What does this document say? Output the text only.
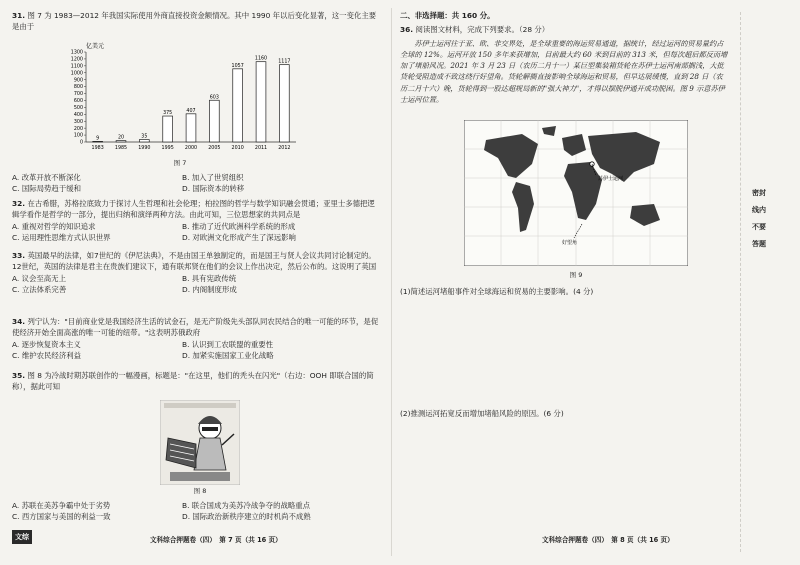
31. 图 7 为 1983—2012 年我国实际使用外商直接投资金额情况。其中 1990 年以后变化显著，这一变化主要是由于
亿美元
0
100
200
300
400
500
600
700
800
900
1000
1100
1200
1300
9
1983
20
1985
35
1990
375
1995
407
2000
603
2005
1057
2010
1160
2011
1117
2012
图 7
A. 改革开放不断深化	B. 加入了世贸组织
C. 国际局势趋于缓和	D. 国际资本的转移
32. 在古希腊，苏格拉底致力于探讨人生哲理和社会伦理；柏拉图的哲学与数学知识融会贯通；亚里士多德把逻辑学看作是哲学的一部分，提出归纳和演绎两种方法。由此可知，三位思想家的共同点是
A. 重视对哲学的知识追求	B. 推动了近代欧洲科学系统的形成
C. 运用理性思维方式认识世界	D. 对欧洲文化形成产生了深远影响
33. 英国最早的法律，如7世纪的《伊尼法典》，不是由国王单独制定的，而是国王与贤人会议共同讨论制定的。12世纪，英国的法律是君主在贵族们建议下，通有联邦贤在他们的会议上作出决定，然后公布的。这说明了英国
A. 议会至高无上	B. 具有宪政传统
C. 立法体系完善	D. 内阁制度形成
34. 列宁认为："目前商业党是我国经济生活的试金石，是无产阶级先头部队同农民结合的唯一可能的环节，是促使经济开始全面高涨的唯一可能的纽带。"这表明苏俄政府
A. 逐步恢复资本主义	B. 认识到工农联盟的重要性
C. 维护农民经济利益	D. 加紧实施国家工业化战略
35. 图 8 为冷战时期苏联创作的一幅漫画，标题是："在这里，他们的秃头在闪光"（右边：OOH 即联合国的简称），据此可知
图 8
A. 苏联在美苏争霸中处于劣势	B. 联合国成为美苏冷战争夺的战略重点
C. 西方国家与美国的利益一致	D. 国际政治新秩序建立的时机尚不成熟
文综	文科综合押题卷（四）　第 7 页（共 16 页）
二、非选择题：共 160 分。
36. 阅读图文材料，完成下列要求。（28 分）
苏伊士运河往于亚、欧、非交界处，是全球重要的海运贸易通道，据统计，经过运河的贸易量约占全球的 12%。运河开放 150 多年来获增加，目前最大约 60 米到目前的 313 米，但每次超后都反而增加了堵船风况。2021 年 3 月 23 日（农历二月十一）某巨型集装箱货轮在苏伊士运河南部搁浅，大批货轮受阻造成不致这绕行好望角。货轮解搁直接影响全球海运和贸易，但早达展缓慢，直到 28 日（农历二月十六）晚，货轮得到一股达超规局新的"强大神力"，才得以摆脱伊通开成功脱困。图 9 示意苏伊士运河位置。
苏伊士运河
好望角
图 9
(1)简述运河堵船事件对全球海运和贸易的主要影响。(4 分)
(2)推测运河拓宽反而增加堵船风险的原因。(6 分)
文科综合押题卷（四）　第 8 页（共 16 页）
密封线内不要答题
